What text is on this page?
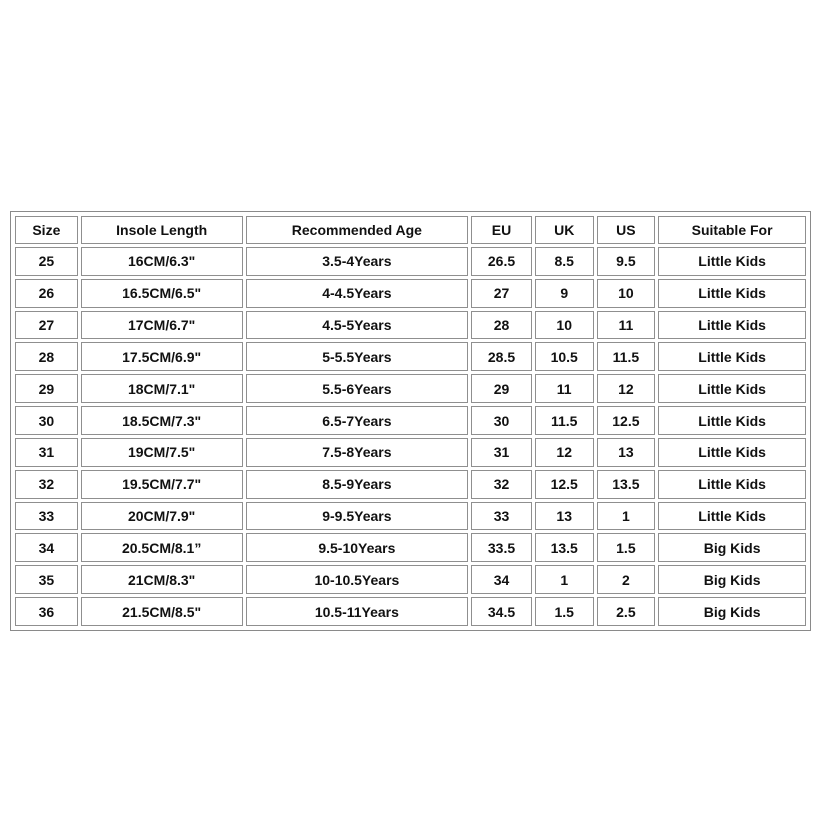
Size	Insole Length	Recommended Age	EU	UK	US	Suitable For
25	16CM/6.3"	3.5-4Years	26.5	8.5	9.5	Little Kids
26	16.5CM/6.5"	4-4.5Years	27	9	10	Little Kids
27	17CM/6.7"	4.5-5Years	28	10	11	Little Kids
28	17.5CM/6.9"	5-5.5Years	28.5	10.5	11.5	Little Kids
29	18CM/7.1"	5.5-6Years	29	11	12	Little Kids
30	18.5CM/7.3"	6.5-7Years	30	11.5	12.5	Little Kids
31	19CM/7.5"	7.5-8Years	31	12	13	Little Kids
32	19.5CM/7.7"	8.5-9Years	32	12.5	13.5	Little Kids
33	20CM/7.9"	9-9.5Years	33	13	1	Little Kids
34	20.5CM/8.1”	9.5-10Years	33.5	13.5	1.5	Big Kids
35	21CM/8.3"	10-10.5Years	34	1	2	Big Kids
36	21.5CM/8.5"	10.5-11Years	34.5	1.5	2.5	Big Kids
